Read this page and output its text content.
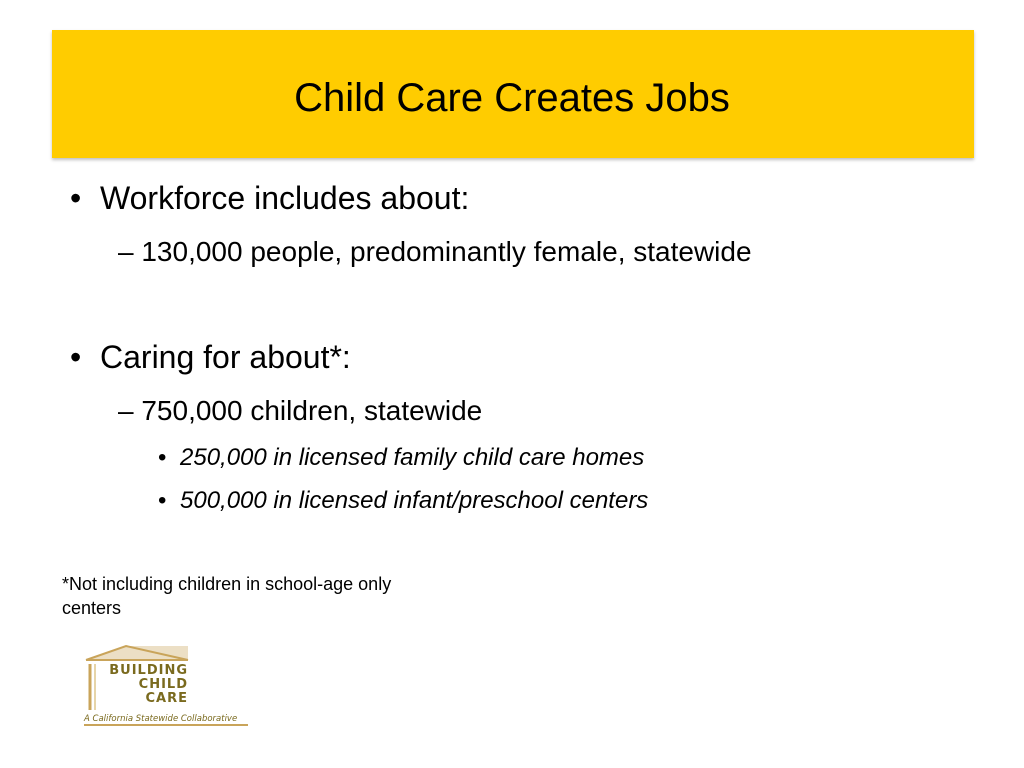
Child Care Creates Jobs
• Workforce includes about:
– 130,000 people, predominantly female, statewide
• Caring for about*:
– 750,000 children, statewide
• 250,000 in licensed family child care homes
• 500,000 in licensed infant/preschool centers
*Not including children in school-age only centers
BUILDING
CHILD
CARE
A California Statewide Collaborative
